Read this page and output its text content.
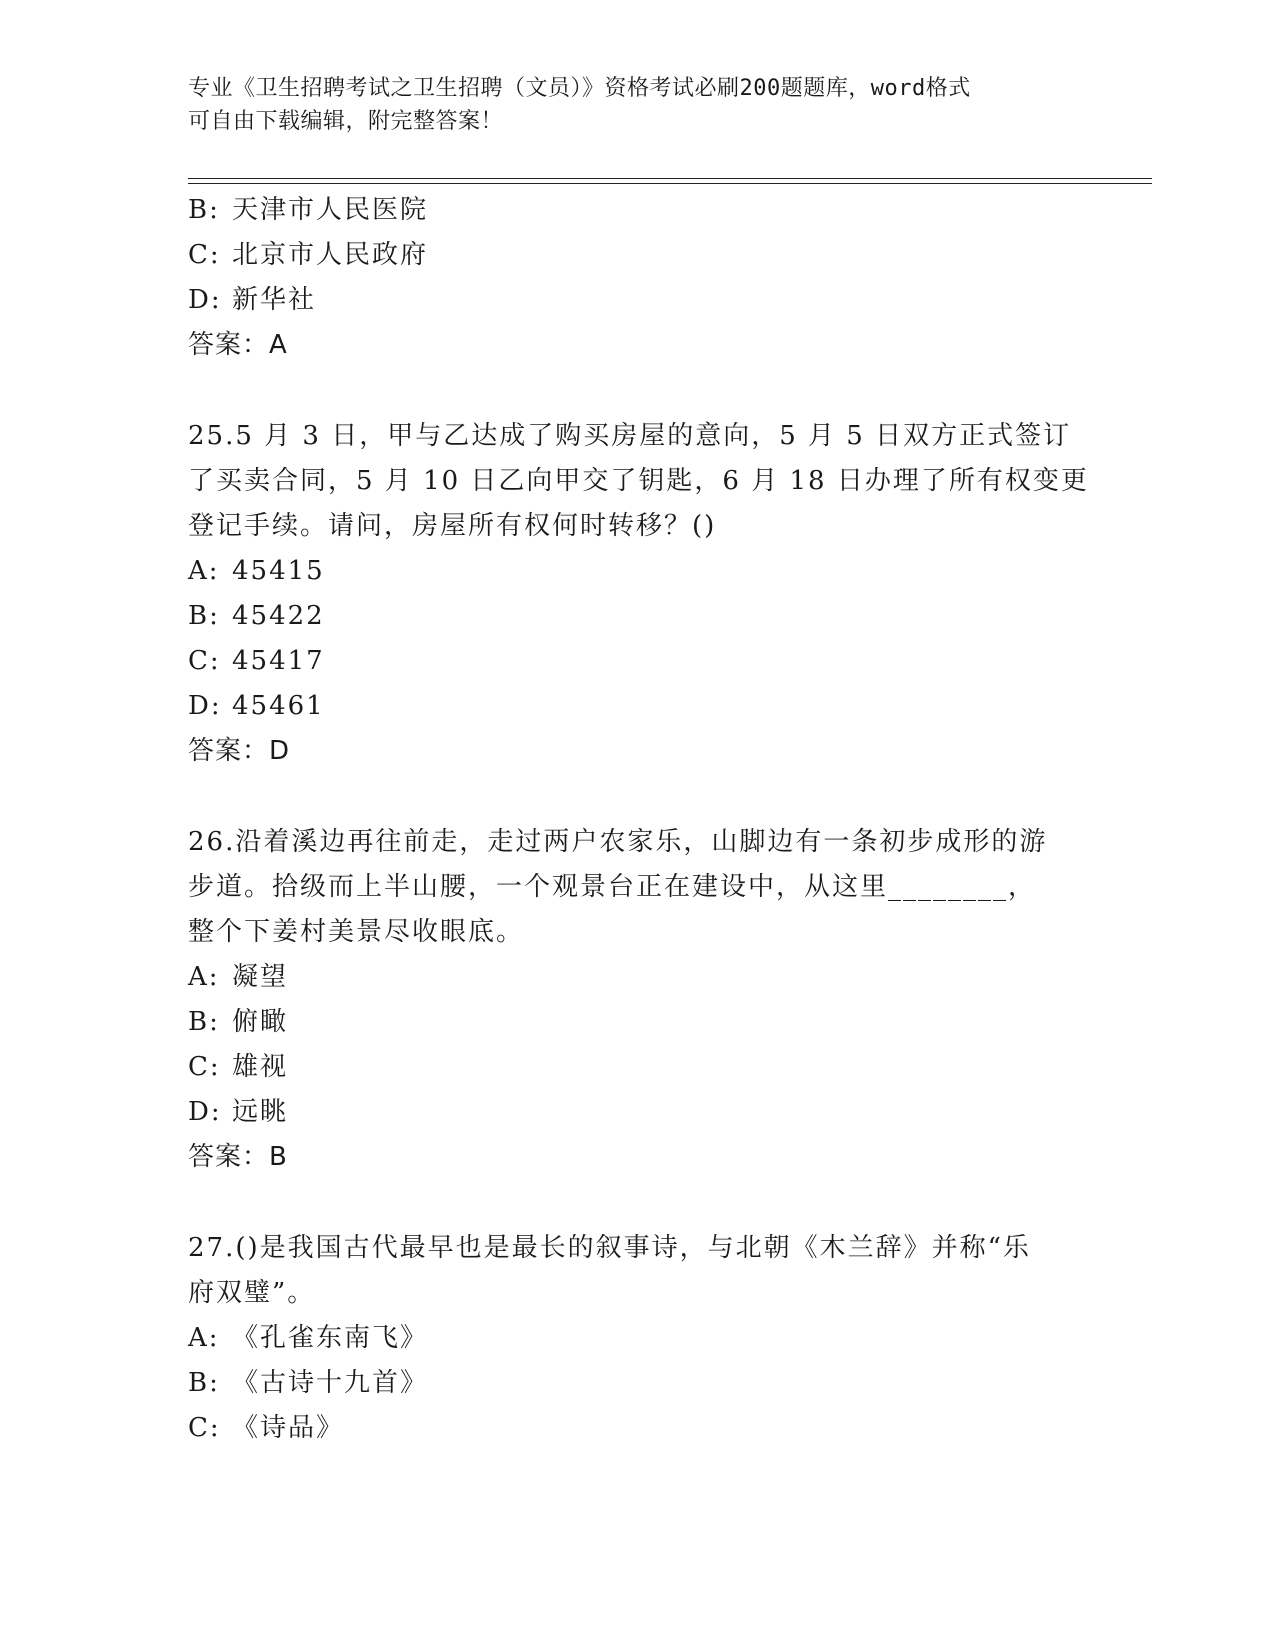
专业《卫生招聘考试之卫生招聘（文员）》资格考试必刷200题题库，word格式
可自由下载编辑，附完整答案！
B: 天津市人民医院
C: 北京市人民政府
D: 新华社
答案：A
25.5 月 3 日，甲与乙达成了购买房屋的意向，5 月 5 日双方正式签订
了买卖合同，5 月 10 日乙向甲交了钥匙，6 月 18 日办理了所有权变更
登记手续。请问，房屋所有权何时转移？()
A: 45415
B: 45422
C: 45417
D: 45461
答案：D
26.沿着溪边再往前走，走过两户农家乐，山脚边有一条初步成形的游
步道。拾级而上半山腰，一个观景台正在建设中，从这里________，
整个下姜村美景尽收眼底。
A: 凝望
B: 俯瞰
C: 雄视
D: 远眺
答案：B
27.()是我国古代最早也是最长的叙事诗，与北朝《木兰辞》并称“乐
府双璧”。
A: 《孔雀东南飞》
B: 《古诗十九首》
C: 《诗品》
